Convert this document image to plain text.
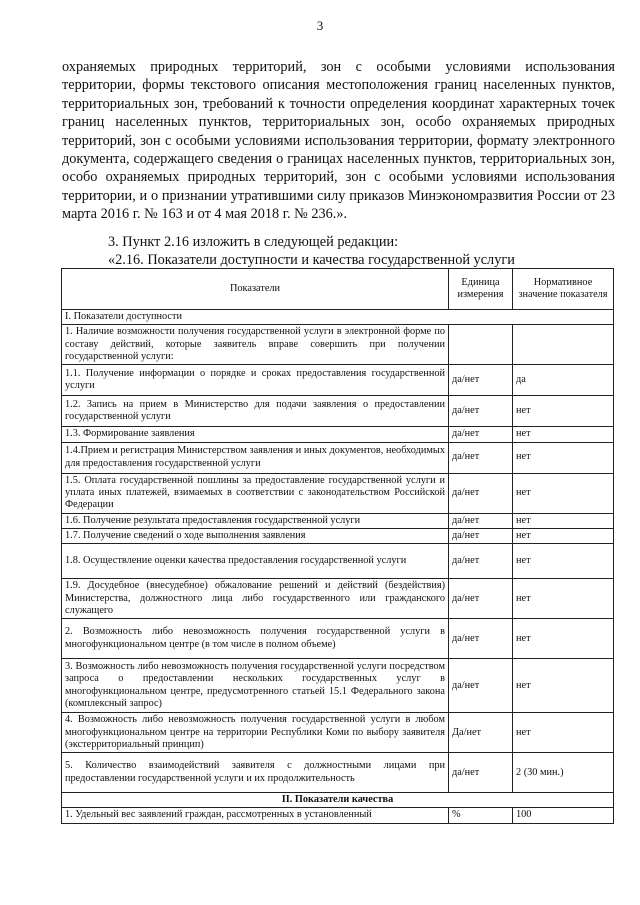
3
охраняемых природных территорий, зон с особыми условиями использования территории, формы текстового описания местоположения границ населенных пунктов, территориальных зон, требований к точности определения координат характерных точек границ населенных пунктов, территориальных зон, особо охраняемых природных территорий, зон с особыми условиями использования территории, формату электронного документа, содержащего сведения о границах населенных пунктов, территориальных зон, особо охраняемых природных территорий, зон с особыми условиями использования территории, и о признании утратившими силу приказов Минэкономразвития России от 23 марта 2016 г. № 163 и от 4 мая 2018 г. № 236.».
3. Пункт 2.16 изложить в следующей редакции:
«2.16. Показатели доступности и качества государственной услуги
Показатели	Единица измерения	Нормативное значение показателя
I. Показатели доступности		
1. Наличие возможности получения государственной услуги в электронной форме по составу действий, которые заявитель вправе совершить при получении государственной услуги:		
1.1. Получение информации о порядке и сроках предоставления государственной услуги	да/нет	да
1.2. Запись на прием в Министерство для подачи заявления о предоставлении государственной услуги	да/нет	нет
1.3. Формирование заявления	да/нет	нет
1.4.Прием и регистрация Министерством заявления и иных документов, необходимых для предоставления государственной услуги	да/нет	нет
1.5. Оплата государственной пошлины за предоставление государственной услуги и уплата иных платежей, взимаемых в соответствии с законодательством Российской Федерации	да/нет	нет
1.6. Получение результата предоставления государственной услуги	да/нет	нет
1.7. Получение сведений о ходе выполнения заявления	да/нет	нет
1.8. Осуществление оценки качества предоставления государственной услуги	да/нет	нет
1.9. Досудебное (внесудебное) обжалование решений и действий (бездействия) Министерства, должностного лица либо государственного или гражданского служащего	да/нет	нет
2. Возможность либо невозможность получения государственной услуги в многофункциональном центре (в том числе в полном объеме)	да/нет	нет
3. Возможность либо невозможность получения государственной услуги посредством запроса о предоставлении нескольких государственных услуг в многофункциональном центре, предусмотренного статьей 15.1 Федерального закона (комплексный запрос)	да/нет	нет
4. Возможность либо невозможность получения государственной услуги в любом многофункциональном центре на территории Республики Коми по выбору заявителя (экстерриториальный принцип)	Да/нет	нет
5. Количество взаимодействий заявителя с должностными лицами при предоставлении государственной услуги и их продолжительность	да/нет	2 (30 мин.)
II. Показатели качества		
1. Удельный вес заявлений граждан, рассмотренных в установленный	%	100
